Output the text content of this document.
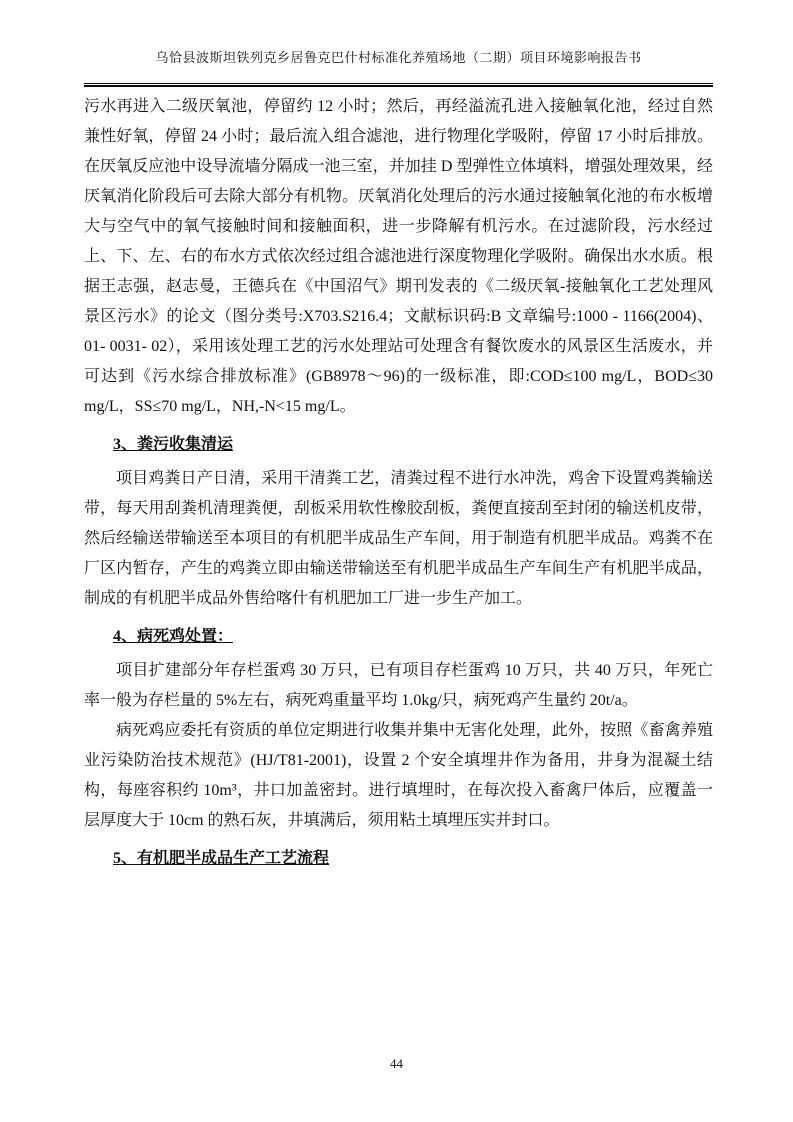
乌恰县波斯坦铁列克乡居鲁克巴什村标准化养殖场地（二期）项目环境影响报告书

污水再进入二级厌氧池，停留约 12 小时；然后，再经溢流孔进入接触氧化池，经过自然兼性好氧，停留 24 小时；最后流入组合滤池，进行物理化学吸附，停留 17 小时后排放。在厌氧反应池中设导流墙分隔成一池三室，并加挂 D 型弹性立体填料，增强处理效果，经厌氧消化阶段后可去除大部分有机物。厌氧消化处理后的污水通过接触氧化池的布水板增大与空气中的氧气接触时间和接触面积，进一步降解有机污水。在过滤阶段，污水经过上、下、左、右的布水方式依次经过组合滤池进行深度物理化学吸附。确保出水水质。根据王志强，赵志曼，王德兵在《中国沼气》期刊发表的《二级厌氧-接触氧化工艺处理风景区污水》的论文（图分类号:X703.S216.4；文献标识码:B 文章编号:1000 - 1166(2004)、01- 0031- 02），采用该处理工艺的污水处理站可处理含有餐饮废水的风景区生活废水，并可达到《污水综合排放标准》(GB8978～96)的一级标准，即:COD≤100 mg/L，BOD≤30 mg/L，SS≤70 mg/L，NH,-N<15 mg/L。

3、粪污收集清运

项目鸡粪日产日清，采用干清粪工艺，清粪过程不进行水冲洗，鸡舍下设置鸡粪输送带，每天用刮粪机清理粪便，刮板采用软性橡胶刮板，粪便直接刮至封闭的输送机皮带，然后经输送带输送至本项目的有机肥半成品生产车间，用于制造有机肥半成品。鸡粪不在厂区内暂存，产生的鸡粪立即由输送带输送至有机肥半成品生产车间生产有机肥半成品，制成的有机肥半成品外售给喀什有机肥加工厂进一步生产加工。

4、病死鸡处置：

项目扩建部分年存栏蛋鸡 30 万只，已有项目存栏蛋鸡 10 万只，共 40 万只，年死亡率一般为存栏量的 5%左右，病死鸡重量平均 1.0kg/只，病死鸡产生量约 20t/a。

病死鸡应委托有资质的单位定期进行收集并集中无害化处理，此外，按照《畜禽养殖业污染防治技术规范》(HJ/T81-2001)，设置 2 个安全填埋井作为备用，井身为混凝土结构，每座容积约 10m³，井口加盖密封。进行填埋时，在每次投入畜禽尸体后，应覆盖一层厚度大于 10cm 的熟石灰，井填满后，须用粘土填埋压实并封口。

5、有机肥半成品生产工艺流程
44
